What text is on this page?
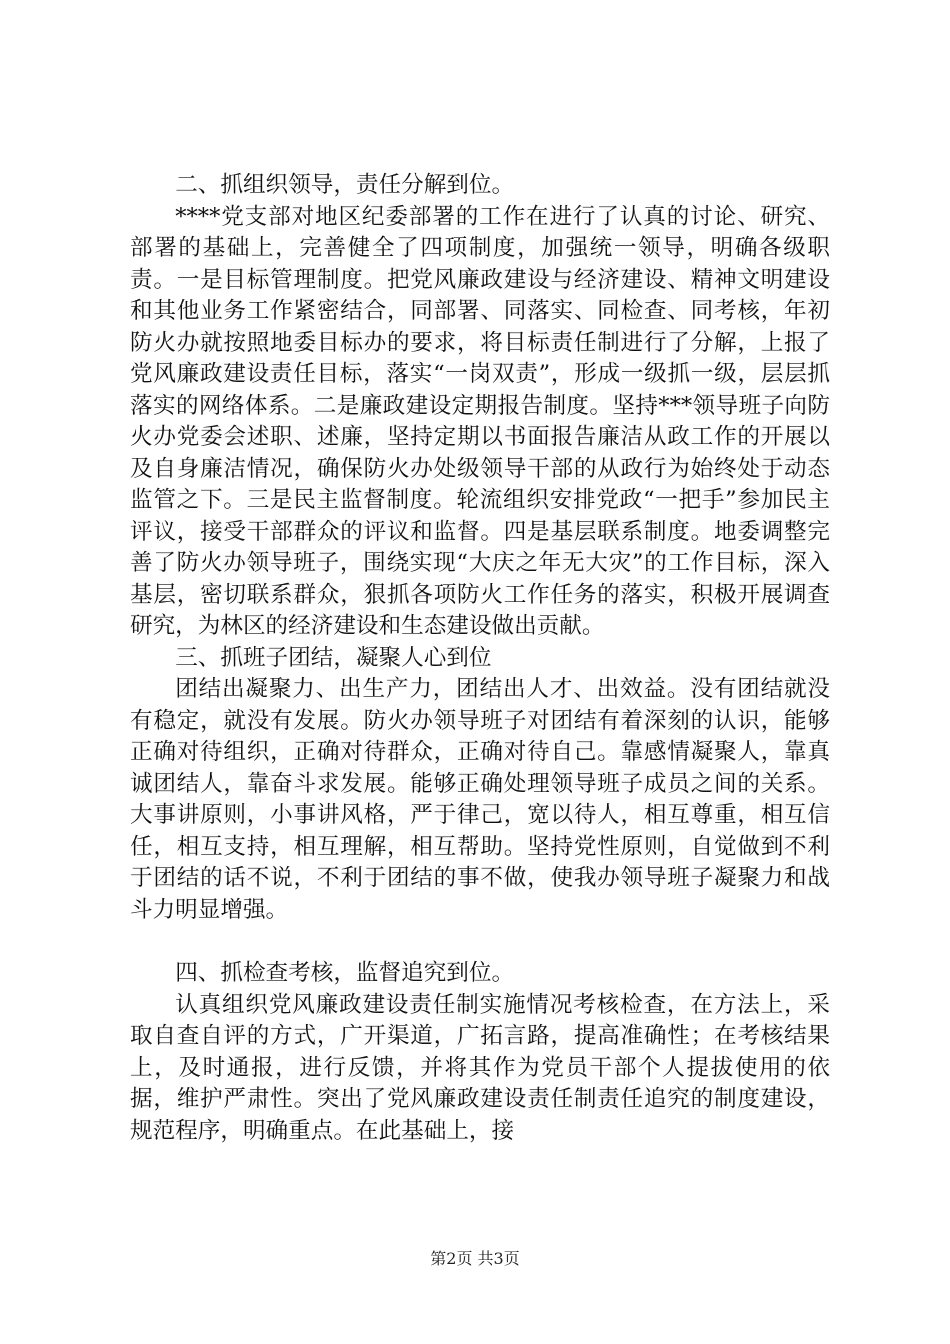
二、抓组织领导，责任分解到位。

****党支部对地区纪委部署的工作在进行了认真的讨论、研究、部署的基础上，完善健全了四项制度，加强统一领导，明确各级职责。一是目标管理制度。把党风廉政建设与经济建设、精神文明建设和其他业务工作紧密结合，同部署、同落实、同检查、同考核，年初防火办就按照地委目标办的要求，将目标责任制进行了分解，上报了党风廉政建设责任目标，落实“一岗双责”，形成一级抓一级，层层抓落实的网络体系。二是廉政建设定期报告制度。坚持***领导班子向防火办党委会述职、述廉，坚持定期以书面报告廉洁从政工作的开展以及自身廉洁情况，确保防火办处级领导干部的从政行为始终处于动态监管之下。三是民主监督制度。轮流组织安排党政“一把手”参加民主评议，接受干部群众的评议和监督。四是基层联系制度。地委调整完善了防火办领导班子，围绕实现“大庆之年无大灾”的工作目标，深入基层，密切联系群众，狠抓各项防火工作任务的落实，积极开展调查研究，为林区的经济建设和生态建设做出贡献。

三、抓班子团结，凝聚人心到位

团结出凝聚力、出生产力，团结出人才、出效益。没有团结就没有稳定，就没有发展。防火办领导班子对团结有着深刻的认识，能够正确对待组织，正确对待群众，正确对待自己。靠感情凝聚人，靠真诚团结人，靠奋斗求发展。能够正确处理领导班子成员之间的关系。大事讲原则，小事讲风格，严于律己，宽以待人，相互尊重，相互信任，相互支持，相互理解，相互帮助。坚持党性原则，自觉做到不利于团结的话不说，不利于团结的事不做，使我办领导班子凝聚力和战斗力明显增强。

四、抓检查考核，监督追究到位。

认真组织党风廉政建设责任制实施情况考核检查，在方法上，采取自查自评的方式，广开渠道，广拓言路，提高准确性；在考核结果上，及时通报，进行反馈，并将其作为党员干部个人提拔使用的依据，维护严肃性。突出了党风廉政建设责任制责任追究的制度建设，规范程序，明确重点。在此基础上，接

第2页 共3页
